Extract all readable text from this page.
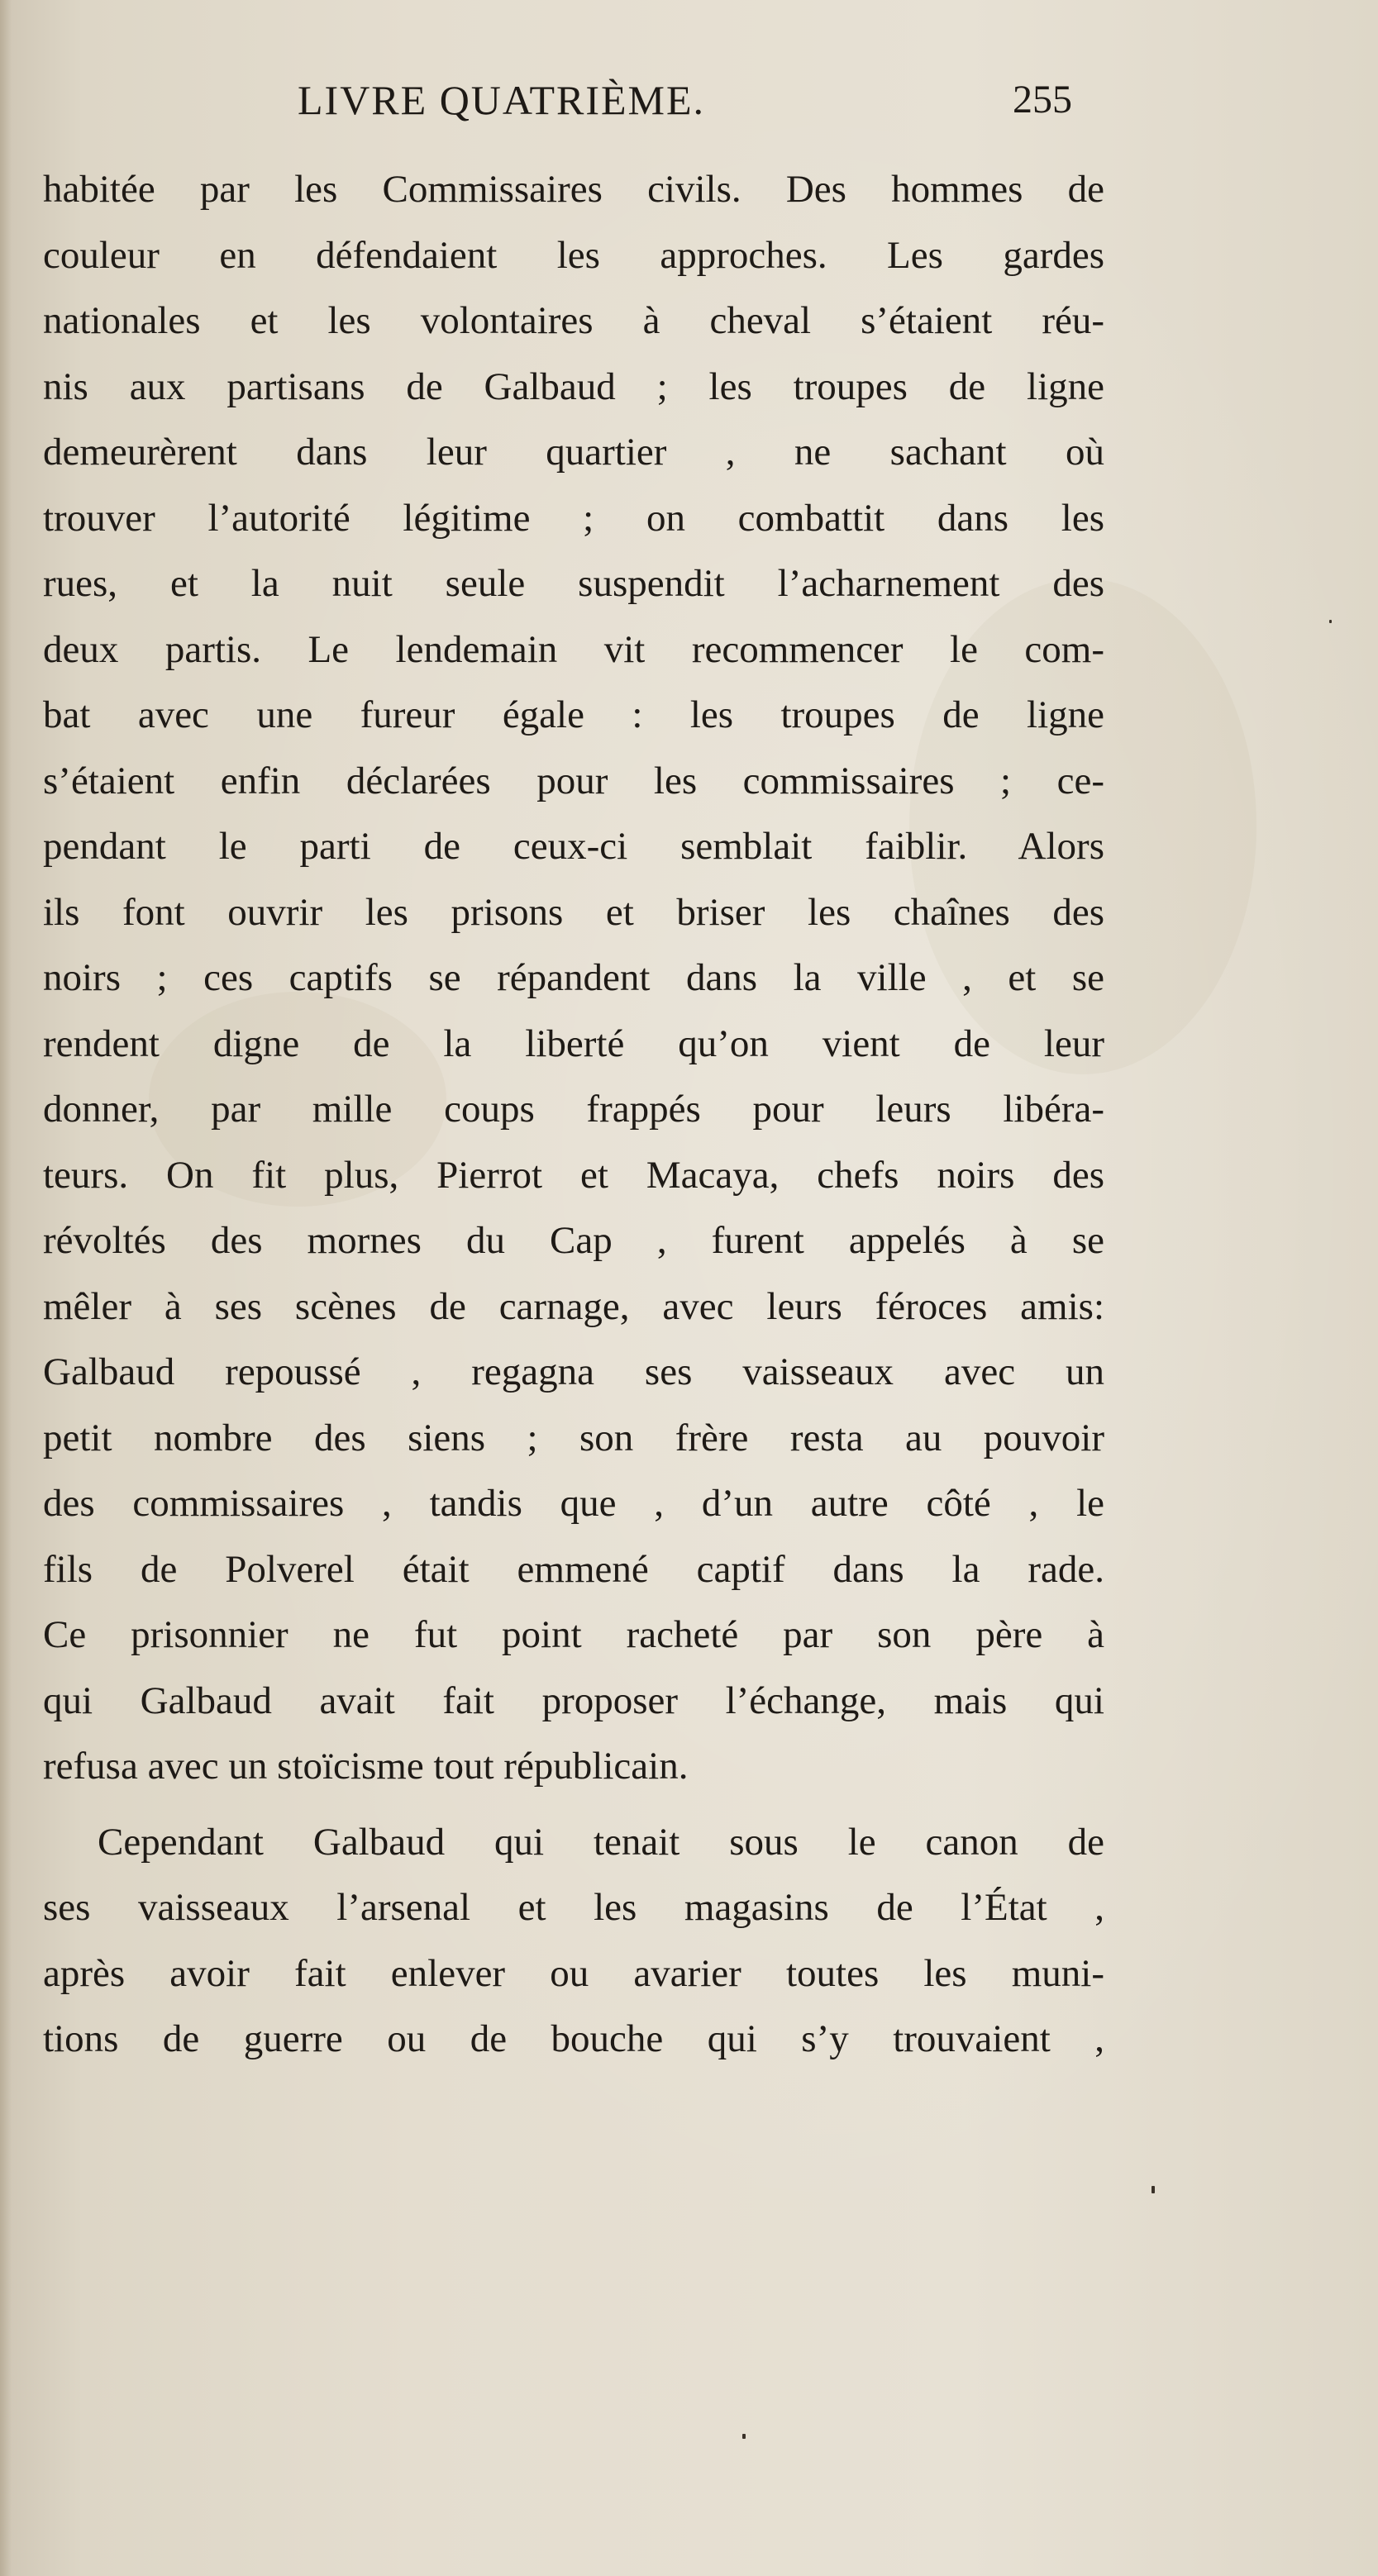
LIVRE QUATRIÈME.	255
habitée par les Commissaires civils. Des hommes de
couleur en défendaient les approches. Les gardes
nationales et les volontaires à cheval s’étaient réu-
nis aux partisans de Galbaud ; les troupes de ligne
demeurèrent dans leur quartier , ne sachant où
trouver l’autorité légitime ; on combattit dans les
rues, et la nuit seule suspendit l’acharnement des
deux partis. Le lendemain vit recommencer le com-
bat avec une fureur égale : les troupes de ligne
s’étaient enfin déclarées pour les commissaires ; ce-
pendant le parti de ceux-ci semblait faiblir. Alors
ils font ouvrir les prisons et briser les chaînes des
noirs ; ces captifs se répandent dans la ville , et se
rendent digne de la liberté qu’on vient de leur
donner, par mille coups frappés pour leurs libéra-
teurs. On fit plus, Pierrot et Macaya, chefs noirs des
révoltés des mornes du Cap , furent appelés à se
mêler à ses scènes de carnage, avec leurs féroces amis:
Galbaud repoussé , regagna ses vaisseaux avec un
petit nombre des siens ; son frère resta au pouvoir
des commissaires , tandis que , d’un autre côté , le
fils de Polverel était emmené captif dans la rade.
Ce prisonnier ne fut point racheté par son père à
qui Galbaud avait fait proposer l’échange, mais qui
refusa avec un stoïcisme tout républicain.
Cependant Galbaud qui tenait sous le canon de
ses vaisseaux l’arsenal et les magasins de l’État ,
après avoir fait enlever ou avarier toutes les muni-
tions de guerre ou de bouche qui s’y trouvaient ,
